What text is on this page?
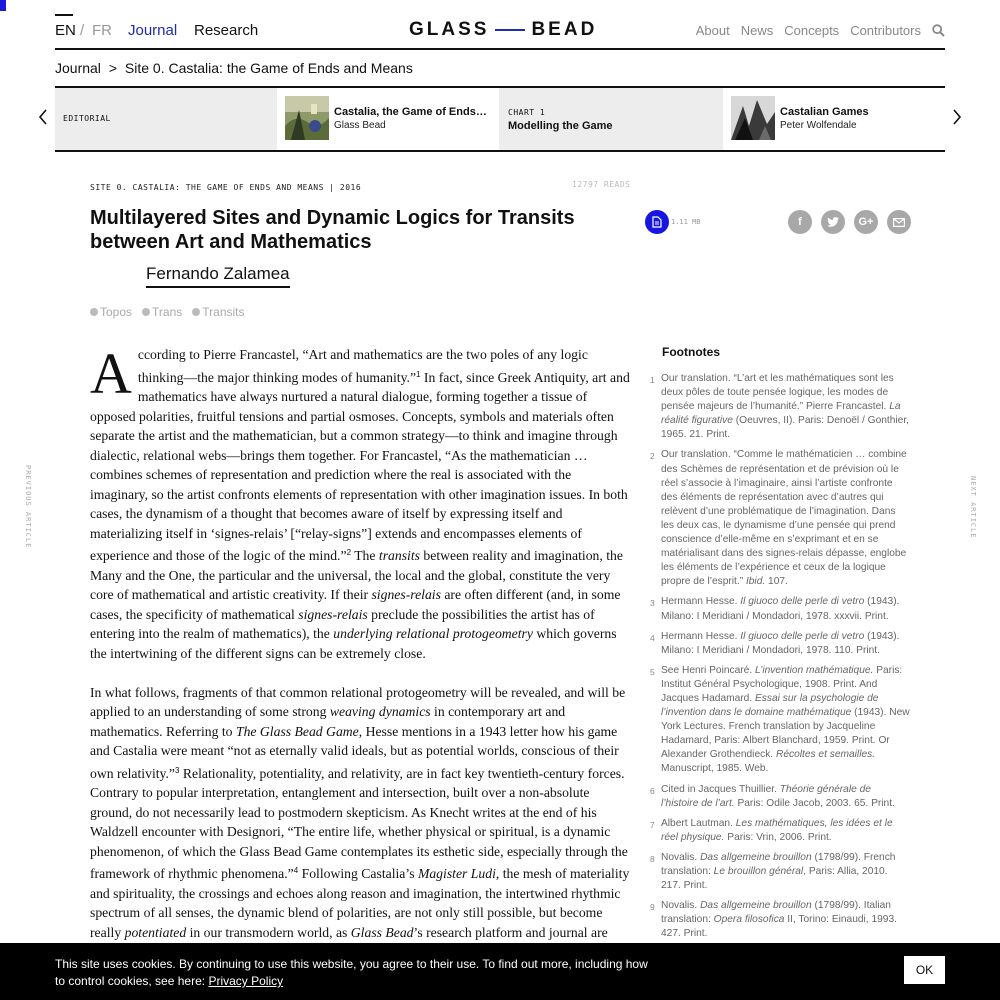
EN / FR Journal Research	GLASS BEAD	About News Concepts Contributors
Journal > Site 0. Castalia: the Game of Ends and Means
EDITORIAL
Castalia, the Game of Ends…
Glass Bead
CHART 1
Modelling the Game
Castalian Games
Peter Wolfendale
SITE 0. CASTALIA: THE GAME OF ENDS AND MEANS | 2016	12797 READS
Multilayered Sites and Dynamic Logics for Transits between Art and Mathematics
1.11 MB	f	G+
Fernando Zalamea
Topos Trans Transits
PREVIOUS ARTICLE	NEXT ARTICLE

According to Pierre Francastel, “Art and mathematics are the two poles of any logic thinking—the major thinking modes of humanity.”$^1$ In fact, since Greek Antiquity, art and mathematics have always nurtured a natural dialogue, forming together a tissue of opposed polarities, fruitful tensions and partial osmoses. Concepts, symbols and materials often separate the artist and the mathematician, but a common strategy—to think and imagine through dialectic, relational webs—brings them together. For Francastel, “As the mathematician … combines schemes of representation and prediction where the real is associated with the imaginary, so the artist confronts elements of representation with other imagination issues. In both cases, the dynamism of a thought that becomes aware of itself by expressing itself and materializing itself in ‘signes-relais’ [“relay-signs”] extends and encompasses elements of experience and those of the logic of the mind.”$^2$ The transits between reality and imagination, the Many and the One, the particular and the universal, the local and the global, constitute the very core of mathematical and artistic creativity. If their signes-relais are often different (and, in some cases, the specificity of mathematical signes-relais preclude the possibilities the artist has of entering into the realm of mathematics), the underlying relational protogeometry which governs the intertwining of the different signs can be extremely close.

In what follows, fragments of that common relational protogeometry will be revealed, and will be applied to an understanding of some strong weaving dynamics in contemporary art and mathematics. Referring to The Glass Bead Game, Hesse mentions in a 1943 letter how his game and Castalia were meant “not as eternally valid ideals, but as potential worlds, conscious of their own relativity.”$^3$ Relationality, potentiality, and relativity, are in fact key twentieth-century forces. Contrary to popular interpretation, entanglement and intersection, built over a non-absolute ground, do not necessarily lead to postmodern skepticism. As Knecht writes at the end of his Waldzell encounter with Designori, “The entire life, whether physical or spiritual, is a dynamic phenomenon, of which the Glass Bead Game contemplates its esthetic side, especially through the framework of rhythmic phenomena.”$^4$ Following Castalia’s Magister Ludi, the mesh of materiality and spirituality, the crossings and echoes along reason and imagination, the intertwined rhythmic spectrum of all senses, the dynamic blend of polarities, are not only still possible, but become really potentiated in our transmodern world, as Glass Bead’s research platform and journal are

Footnotes
1 Our translation. “L’art et les mathématiques sont les deux pôles de toute pensée logique, les modes de pensée majeurs de l’humanité.” Pierre Francastel. La réalité figurative (Oeuvres, II). Paris: Denoël / Gonthier, 1965. 21. Print.
2 Our translation. “Comme le mathématicien … combine des Schèmes de représentation et de prévision où le réel s’associe à l’imaginaire, ainsi l’artiste confronte des éléments de représentation avec d’autres qui relèvent d’une problématique de l’imagination. Dans les deux cas, le dynamisme d’une pensée qui prend conscience d’elle-même en s’exprimant et en se matérialisant dans des signes-relais dépasse, englobe les éléments de l’expérience et ceux de la logique propre de l’esprit.” Ibid. 107.
3 Hermann Hesse. Il giuoco delle perle di vetro (1943). Milano: I Meridiani / Mondadori, 1978. xxxvii. Print.
4 Hermann Hesse. Il giuoco delle perle di vetro (1943). Milano: I Meridiani / Mondadori, 1978. 110. Print.
5 See Henri Poincaré. L’invention mathématique. Paris: Institut Général Psychologique, 1908. Print. And Jacques Hadamard. Essai sur la psychologie de l’invention dans le domaine mathématique (1943). New York Lectures. French translation by Jacqueline Hadamard, Paris: Albert Blanchard, 1959. Print. Or Alexander Grothendieck. Récoltes et semailles. Manuscript, 1985. Web.
6 Cited in Jacques Thuillier. Théorie générale de l’histoire de l’art. Paris: Odile Jacob, 2003. 65. Print.
7 Albert Lautman. Les mathématiques, les idées et le réel physique. Paris: Vrin, 2006. Print.
8 Novalis. Das allgemeine brouillon (1798/99). French translation: Le brouillon général, Paris: Allia, 2010. 217. Print.
9 Novalis. Das allgemeine brouillon (1798/99). Italian translation: Opera filosofica II, Torino: Einaudi, 1993. 427. Print.
This site uses cookies. By continuing to use this website, you agree to their use. To find out more, including how to control cookies, see here: Privacy Policy
OK
